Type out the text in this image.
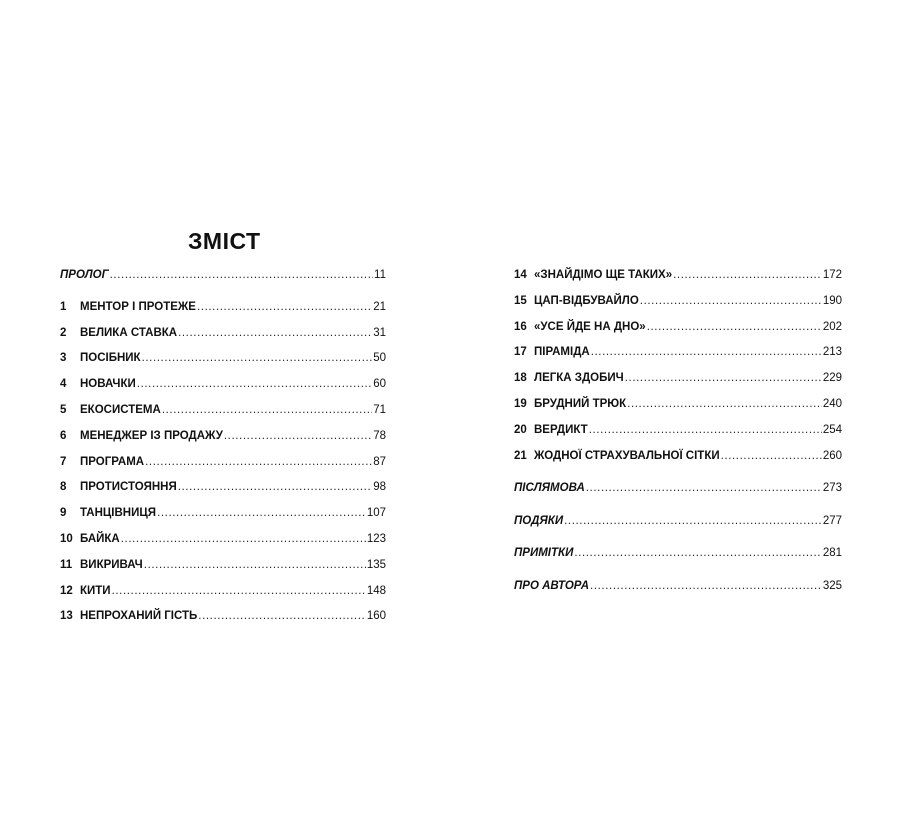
ЗМІСТ
ПРОЛОГ .....	11
1	МЕНТОР І ПРОТЕЖЕ .....	21
2	ВЕЛИКА СТАВКА .....	31
3	ПОСІБНИК .....	50
4	НОВАЧКИ .....	60
5	ЕКОСИСТЕМА .....	71
6	МЕНЕДЖЕР ІЗ ПРОДАЖУ .....	78
7	ПРОГРАМА .....	87
8	ПРОТИСТОЯННЯ .....	98
9	ТАНЦІВНИЦЯ .....	107
10 БАЙКА .....	123
11 ВИКРИВАЧ .....	135
12 КИТИ .....	148
13 НЕПРОХАНИЙ ГІСТЬ .....	160
14 «ЗНАЙДІМО ЩЕ ТАКИХ» .....	172
15 ЦАП-ВІДБУВАЙЛО .....	190
16 «УСЕ ЙДЕ НА ДНО» .....	202
17 ПІРАМІДА .....	213
18 ЛЕГКА ЗДОБИЧ .....	229
19 БРУДНИЙ ТРЮК .....	240
20 ВЕРДИКТ .....	254
21 ЖОДНОЇ СТРАХУВАЛЬНОЇ СІТКИ .....	260
ПІСЛЯМОВА .....	273
ПОДЯКИ .....	277
ПРИМІТКИ .....	281
ПРО АВТОРА .....	325
